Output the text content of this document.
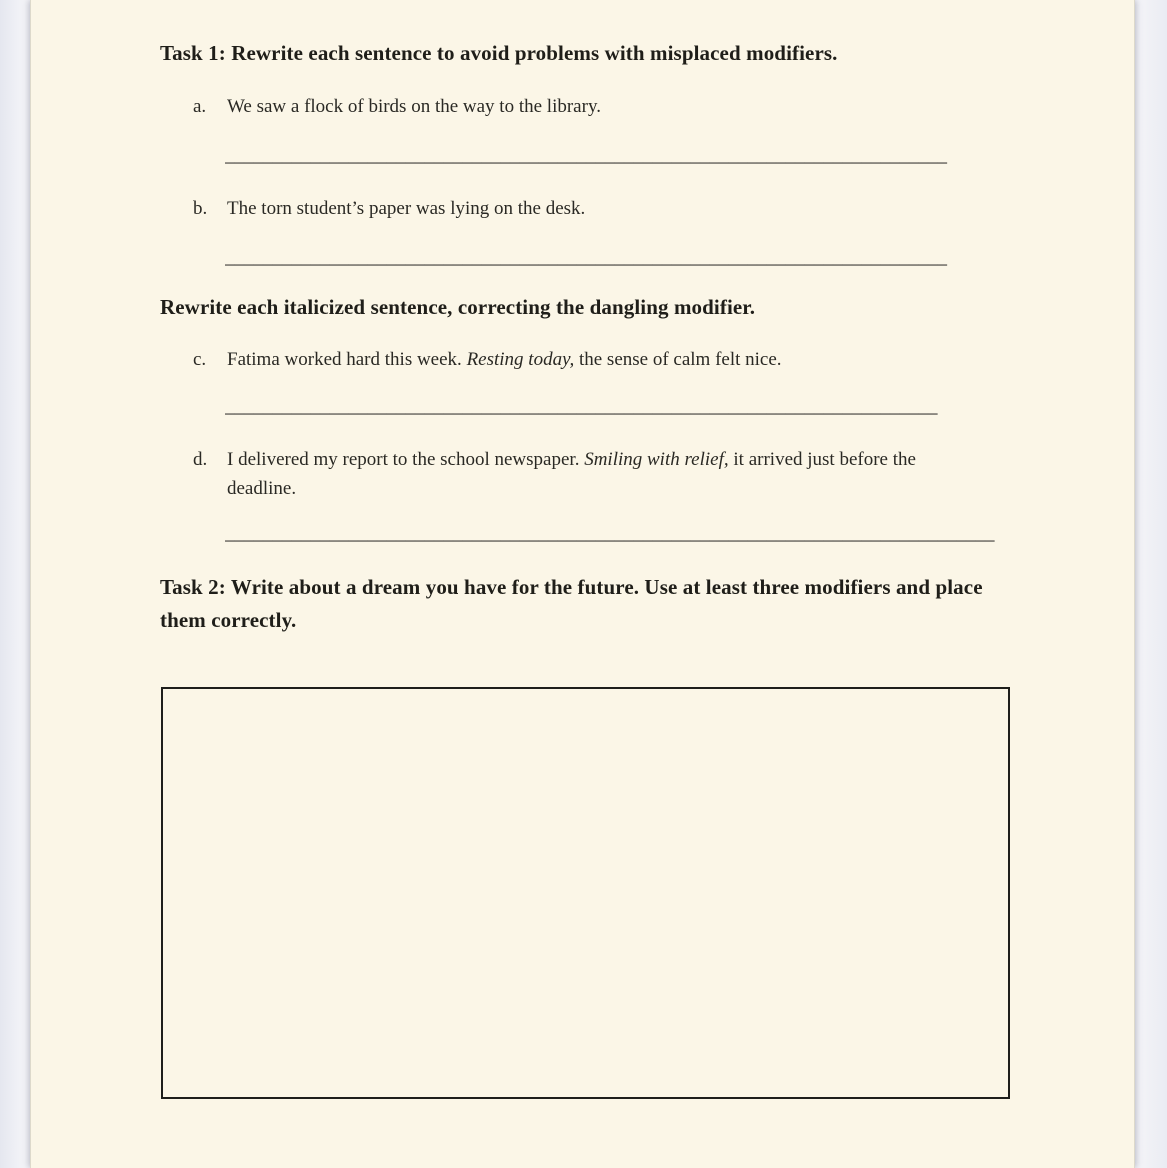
Task 1: Rewrite each sentence to avoid problems with misplaced modifiers.
a.	We saw a flock of birds on the way to the library.

____________________________________________________________________________
b.	The torn student’s paper was lying on the desk.

____________________________________________________________________________
Rewrite each italicized sentence, correcting the dangling modifier.
c.	Fatima worked hard this week. Resting today, the sense of calm felt nice.

___________________________________________________________________________
d.	I delivered my report to the school newspaper. Smiling with relief, it arrived just before the deadline.

_________________________________________________________________________________
Task 2: Write about a dream you have for the future. Use at least three modifiers and place them correctly.
